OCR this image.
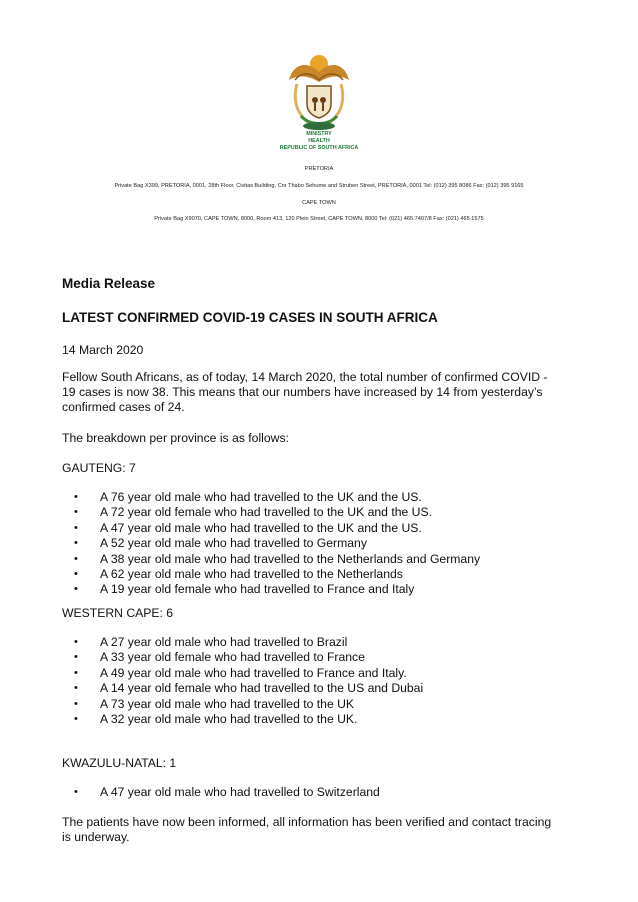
MINISTRY
HEALTH
REPUBLIC OF SOUTH AFRICA
PRETORIA
Private Bag X399, PRETORIA, 0001, 28th Floor, Civitas Building, Cnr Thabo Sehume and Struben Street, PRETORIA, 0001 Tel: (012) 395 8086 Fax: (012) 395 9165
CAPE TOWN
Private Bag X9070, CAPE TOWN, 8000, Room 413, 120 Plein Street, CAPE TOWN, 8000 Tel: (021) 465 7407/8 Fax: (021) 465 1575
Media Release
LATEST CONFIRMED COVID-19 CASES IN SOUTH AFRICA
14 March 2020
Fellow South Africans, as of today, 14 March 2020, the total number of confirmed COVID -
19 cases is now 38. This means that our numbers have increased by 14 from yesterday’s
confirmed cases of 24.
The breakdown per province is as follows:
GAUTENG: 7
• A 76 year old male who had travelled to the UK and the US.
• A 72 year old female who had travelled to the UK and the US.
• A 47 year old male who had travelled to the UK and the US.
• A 52 year old male who had travelled to Germany
• A 38 year old male who had travelled to the Netherlands and Germany
• A 62 year old male who had travelled to the Netherlands
• A 19 year old female who had travelled to France and Italy
WESTERN CAPE: 6
• A 27 year old male who had travelled to Brazil
• A 33 year old female who had travelled to France
• A 49 year old male who had travelled to France and Italy.
• A 14 year old female who had travelled to the US and Dubai
• A 73 year old male who had travelled to the UK
• A 32 year old male who had travelled to the UK.
KWAZULU-NATAL: 1
• A 47 year old male who had travelled to Switzerland
The patients have now been informed, all information has been verified and contact tracing
is underway.
